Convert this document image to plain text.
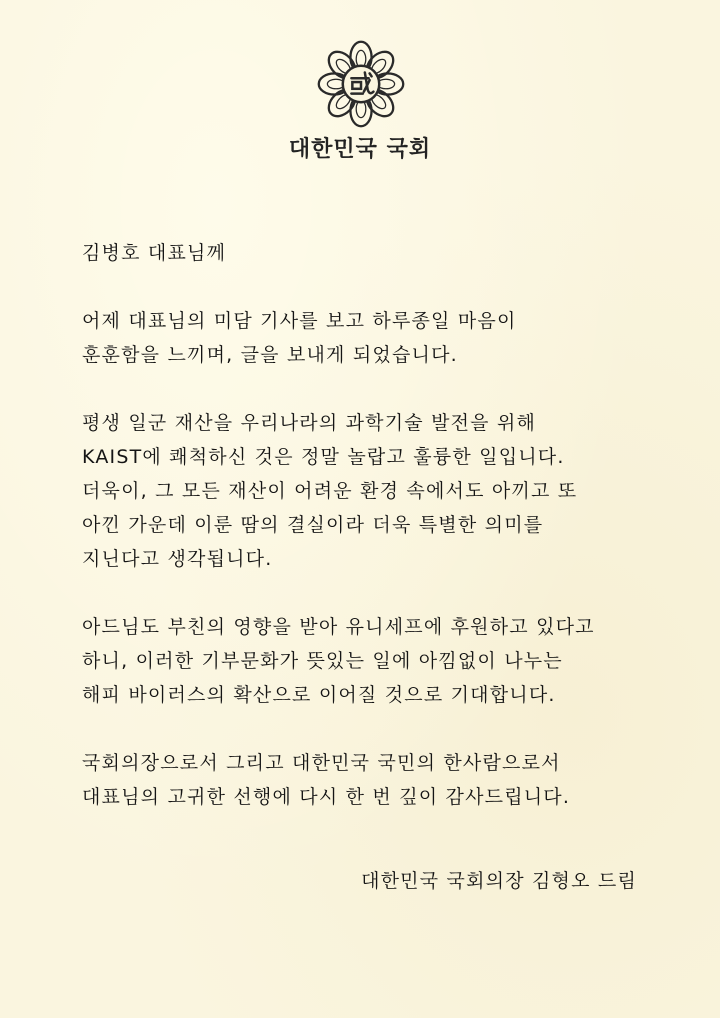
대한민국 국회
김병호 대표님께
어제 대표님의 미담 기사를 보고 하루종일 마음이
훈훈함을 느끼며, 글을 보내게 되었습니다.
평생 일군 재산을 우리나라의 과학기술 발전을 위해
KAIST에 쾌척하신 것은 정말 놀랍고 훌륭한 일입니다.
더욱이, 그 모든 재산이 어려운 환경 속에서도 아끼고 또
아낀 가운데 이룬 땀의 결실이라 더욱 특별한 의미를
지닌다고 생각됩니다.
아드님도 부친의 영향을 받아 유니세프에 후원하고 있다고
하니, 이러한 기부문화가 뜻있는 일에 아낌없이 나누는
해피 바이러스의 확산으로 이어질 것으로 기대합니다.
국회의장으로서 그리고 대한민국 국민의 한사람으로서
대표님의 고귀한 선행에 다시 한 번 깊이 감사드립니다.
대한민국 국회의장 김형오 드림
